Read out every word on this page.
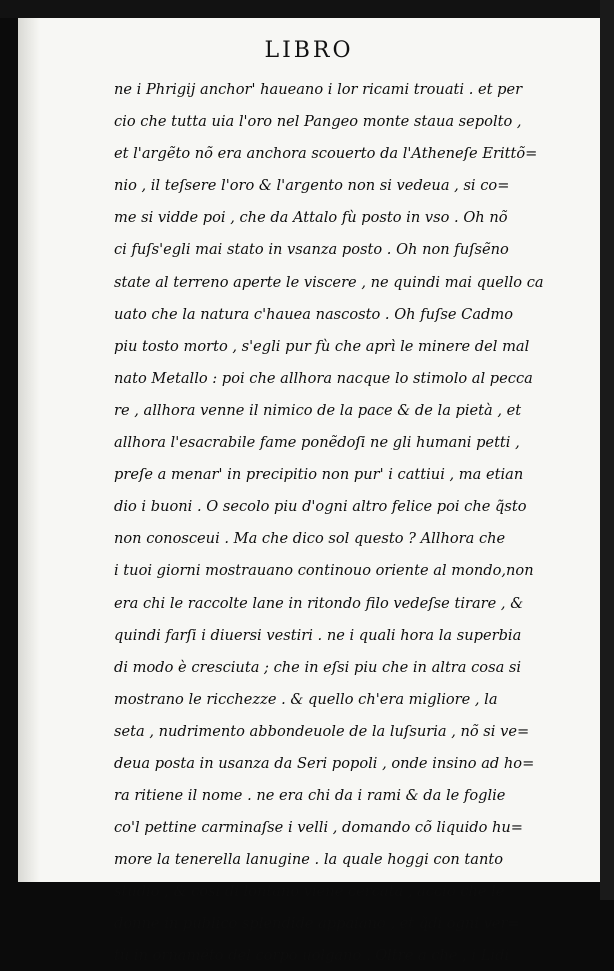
LIBRO
ne i Phrigij anchor' haueano i lor ricami trouati . et per
cio che tutta uia l'oro nel Pangeo monte staua sepolto ,
et l'argẽto nõ era anchora scouerto da l'Atheneſe Erittõ=
nio , il teſsere l'oro & l'argento non si vedeua , si co=
me si vidde poi , che da Attalo fù posto in vso . Oh nõ
ci fuſs'egli mai stato in vsanza posto . Oh non fuſsẽno
state al terreno aperte le viscere , ne quindi mai quello ca
uato che la natura c'hauea nascosto . Oh fuſse Cadmo
piu tosto morto , s'egli pur fù che aprì le minere del mal
nato Metallo : poi che allhora nacque lo stimolo al pecca
re , allhora venne il nimico de la pace & de la pietà , et
allhora l'esacrabile fame ponẽdoſi ne gli humani petti ,
preſe a menar' in precipitio non pur' i cattiui , ma etian
dio i buoni . O secolo piu d'ogni altro felice poi che q̃sto
non conosceui . Ma che dico sol questo ? Allhora che
i tuoi giorni mostrauano continouo oriente al mondo,non
era chi le raccolte lane in ritondo filo vedeſse tirare , &
quindi farſi i diuersi vestiri . ne i quali hora la superbia
di modo è cresciuta ; che in eſsi piu che in altra cosa si
mostrano le ricchezze . & quello ch'era migliore , la
seta , nudrimento abbondeuole de la luſsuria , nõ si ve=
deua posta in usanza da Seri popoli , onde insino ad ho=
ra ritiene il nome . ne era chi da i rami & da le foglie
co'l pettine carminaſse i velli , domando cõ liquido hu=
more la tenerella lanugine . la quale hoggi con tanto
studio , & cosi di lontano viene cercata , accio che le
donne in publico splendide appaiano , et q̃di ogni ver=
tù in ornamẽto del corpo uolgano . Oltre a che , i Lidi
